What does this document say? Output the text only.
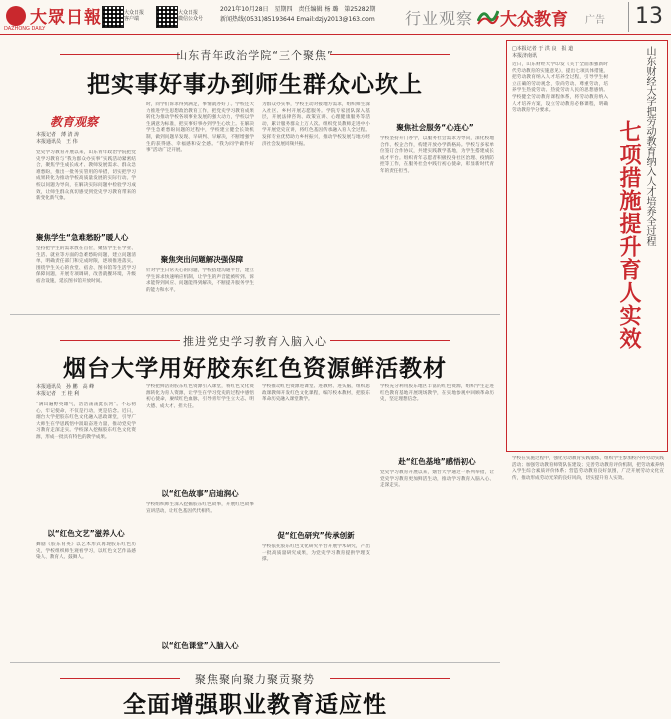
大眾日報
DAZHONG DAILY
大众日报
客户端
大众日报
微信公众号
2021年10月28日　星期四　责任编辑 杨 璐　第25282期
新闻热线(0531)85193644 Email:dzjy2013@163.com 行业观察 大众教育 广告	13
山东青年政治学院“三个聚焦”
把实事好事办到师生群众心坎上
教育观察
本报记者　薄 清 涛
本报通讯员　王 伟
党史学习教育开展以来，山东青年政治学院把党史学习教育与“我为群众办实事”实践活动紧密结合，聚焦学生成长成才、教师发展需求、群众急难愁盼，推出一批务实管用的举措，切实把学习成果转化为推动学校高质量发展的实际行动。学校以问题为导向，在解决实际问题中检验学习成效，让师生群众真切感受到党史学习教育带来的新变化新气象。
聚焦学生“急难愁盼”暖人心
坚持把学生的需求放在首位，聚焦学生在学业、生活、就业等方面的急难愁盼问题，建立问题清单，明确责任部门和完成时限，逐项推进落实。围绕学生关心的食堂、宿舍、图书馆等生活学习保障问题，开展专项调研，改善就餐环境，升级宿舍设施，延长图书馆开放时间。
时，同学们诉求得到满足，事情就办好了。学校还大力推进学生思想政治教育工作，把党史学习教育成果转化为推动学校各项事业发展的强大动力，学校以学生满意为标准，把实事好事办到学生心坎上。在解决学生急难愁盼问题的过程中，学校建立健全长效机制，做到问题早发现、早研判、早解决，不断增强学生的获得感、幸福感和安全感。“我为同学做件好事”活动广泛开展。
聚焦突出问题解决强保障
针对学生日常关心的问题，学校搭建沟通平台，建立学生诉求快速响应机制，让学生的声音能被听到、诉求能得到回应、问题能得到解决，不断提升服务学生的能力和水平。
为群众办实事，学校主动对接地方需求，组织师生深入社区、乡村开展志愿服务。学院专家团队深入基层，开展法律咨询、政策宣讲、心理健康服务等活动，累计服务群众上万人次。组织党员教师走进中小学开展党史宣讲，将红色基因传承融入育人全过程。发挥专业优势助力乡村振兴，推动学校发展与地方经济社会发展同频共振。
聚焦社会服务“心连心”
学校坚持开门办学，以服务社会需求为导向，深化校地合作、校企合作，构建开放办学新格局。学校与多家单位签订合作协议，共建实践教学基地，为学生搭建成长成才平台。组织青年志愿者积极投身社区治理、疫情防控等工作，在服务社会中践行初心使命，彰显新时代青年的责任担当。
推进党史学习教育入脑入心
烟台大学用好胶东红色资源鲜活教材
本报通讯员　孙 鹏　高 峰
本报记者　王 桂 利
“满山遍野英雄气，浩浩荡荡此长河”。不忘初心，牢记使命，不仅是行动，更是信念。近日，烟台大学把胶东红色文化融入思政课堂，引导广大师生在学思践悟中汲取奋进力量，推动党史学习教育走深走实。学校深入挖掘胶东红色文化资源，形成一批具有特色的教学成果。
以“红色文艺”滋养人心
舞剧《胶东育英》以艺术形式再现胶东红色历史，学校组织师生观看学习，以红色文艺作品感染人、教育人、鼓舞人。
学校把鲜活的胶东红色资源引入课堂，将红色文化资源转化为育人资源，让学生在学习党史的过程中感悟初心使命，赓续红色血脉，引导青年学生立大志、明大德、成大才、担大任。
以“红色故事”启迪润心
学校组织师生深入挖掘胶东红色故事，开展红色故事宣讲活动，让红色基因代代相传。
以“红色课堂”入脑入心
学校推动红色资源进课堂、进教材、进头脑，组织思政课教师开发红色文化课程，编写校本教材，把胶东革命历史融入课堂教学。
促“红色研究”传承创新
学校依托胶东红色文化研究平台开展学术研究，产出一批高质量研究成果，为党史学习教育提供学理支撑。
学校充分利用胶东地区丰富的红色资源，组织学生走进红色教育基地开展现场教学，在实地参观中回顾革命历史，坚定理想信念。
赴“红色基地”感悟初心
党史学习教育开展以来，烟台大学通过一系列举措，让党史学习教育更加鲜活生动，推动学习教育入脑入心、走深走实。
聚焦聚向聚力聚贡聚势
全面增强职业教育适应性
山东财经大学把劳动教育纳入人才培养全过程
七项措施提升育人实效
□本报记者 于 洪 良　报 道
本报济南讯
近日，山东财经大学印发《关于全面加强新时代劳动教育的实施意见》，提出七项具体措施，把劳动教育纳入人才培养全过程，引导学生树立正确的劳动观念，崇尚劳动、尊重劳动，培养学生热爱劳动、热爱劳动人民的思想感情。学校健全劳动教育课程体系，将劳动教育纳入人才培养方案，设立劳动教育必修课程，明确劳动教育学分要求。
学校在实施过程中，强化劳动教育实践锻炼，组织学生参加校内外劳动实践活动；加强劳动教育师资队伍建设；完善劳动教育评价机制，把劳动素养纳入学生综合素质评价体系；营造劳动教育良好氛围，广泛开展劳动文化宣传，推动形成劳动光荣的良好风尚，切实提升育人实效。
